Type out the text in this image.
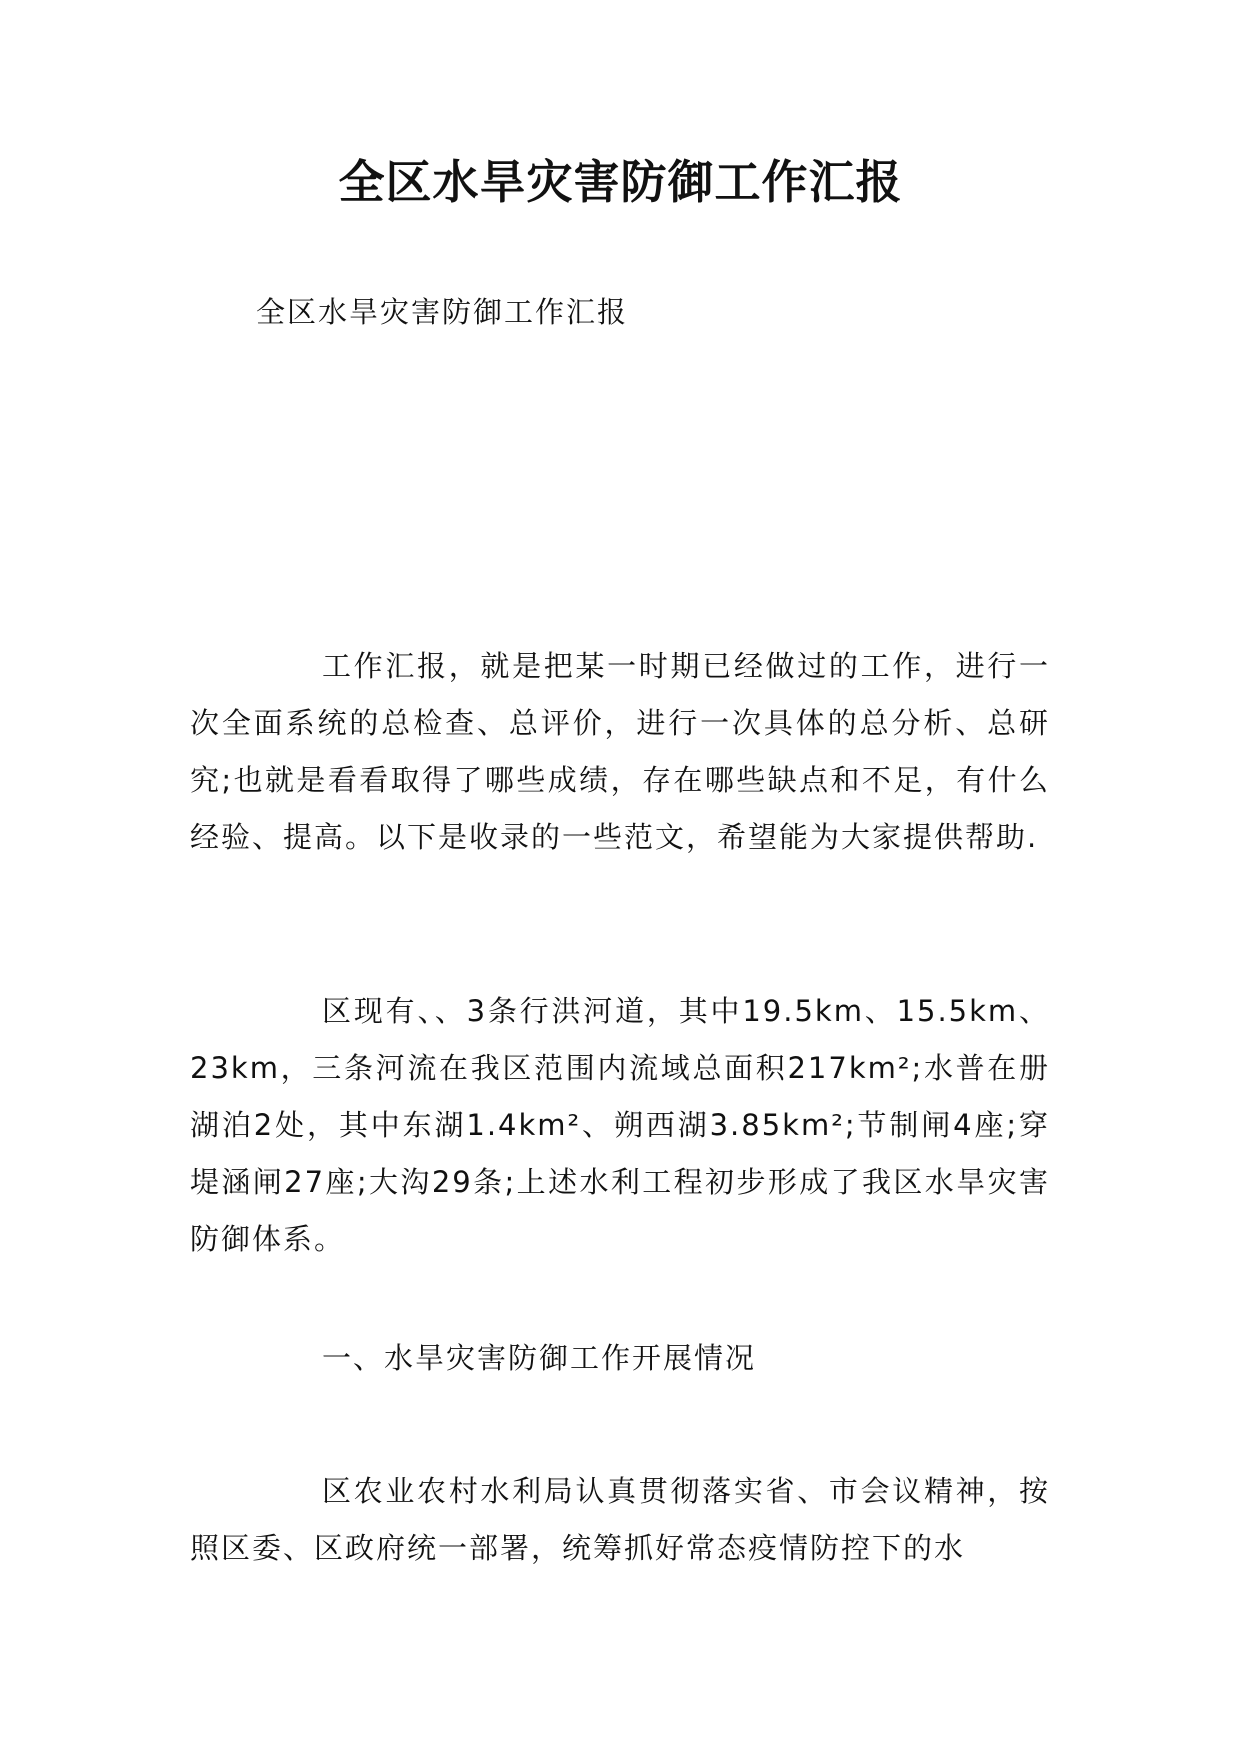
全区水旱灾害防御工作汇报

全区水旱灾害防御工作汇报

工作汇报，就是把某一时期已经做过的工作，进行一次全面系统的总检查、总评价，进行一次具体的总分析、总研究;也就是看看取得了哪些成绩，存在哪些缺点和不足，有什么经验、提高。以下是收录的一些范文，希望能为大家提供帮助.

区现有、、3条行洪河道，其中19.5km、15.5km、23km，三条河流在我区范围内流域总面积217km²;水普在册湖泊2处，其中东湖1.4km²、朔西湖3.85km²;节制闸4座;穿堤涵闸27座;大沟29条;上述水利工程初步形成了我区水旱灾害防御体系。

一、水旱灾害防御工作开展情况

区农业农村水利局认真贯彻落实省、市会议精神，按照区委、区政府统一部署，统筹抓好常态疫情防控下的水
